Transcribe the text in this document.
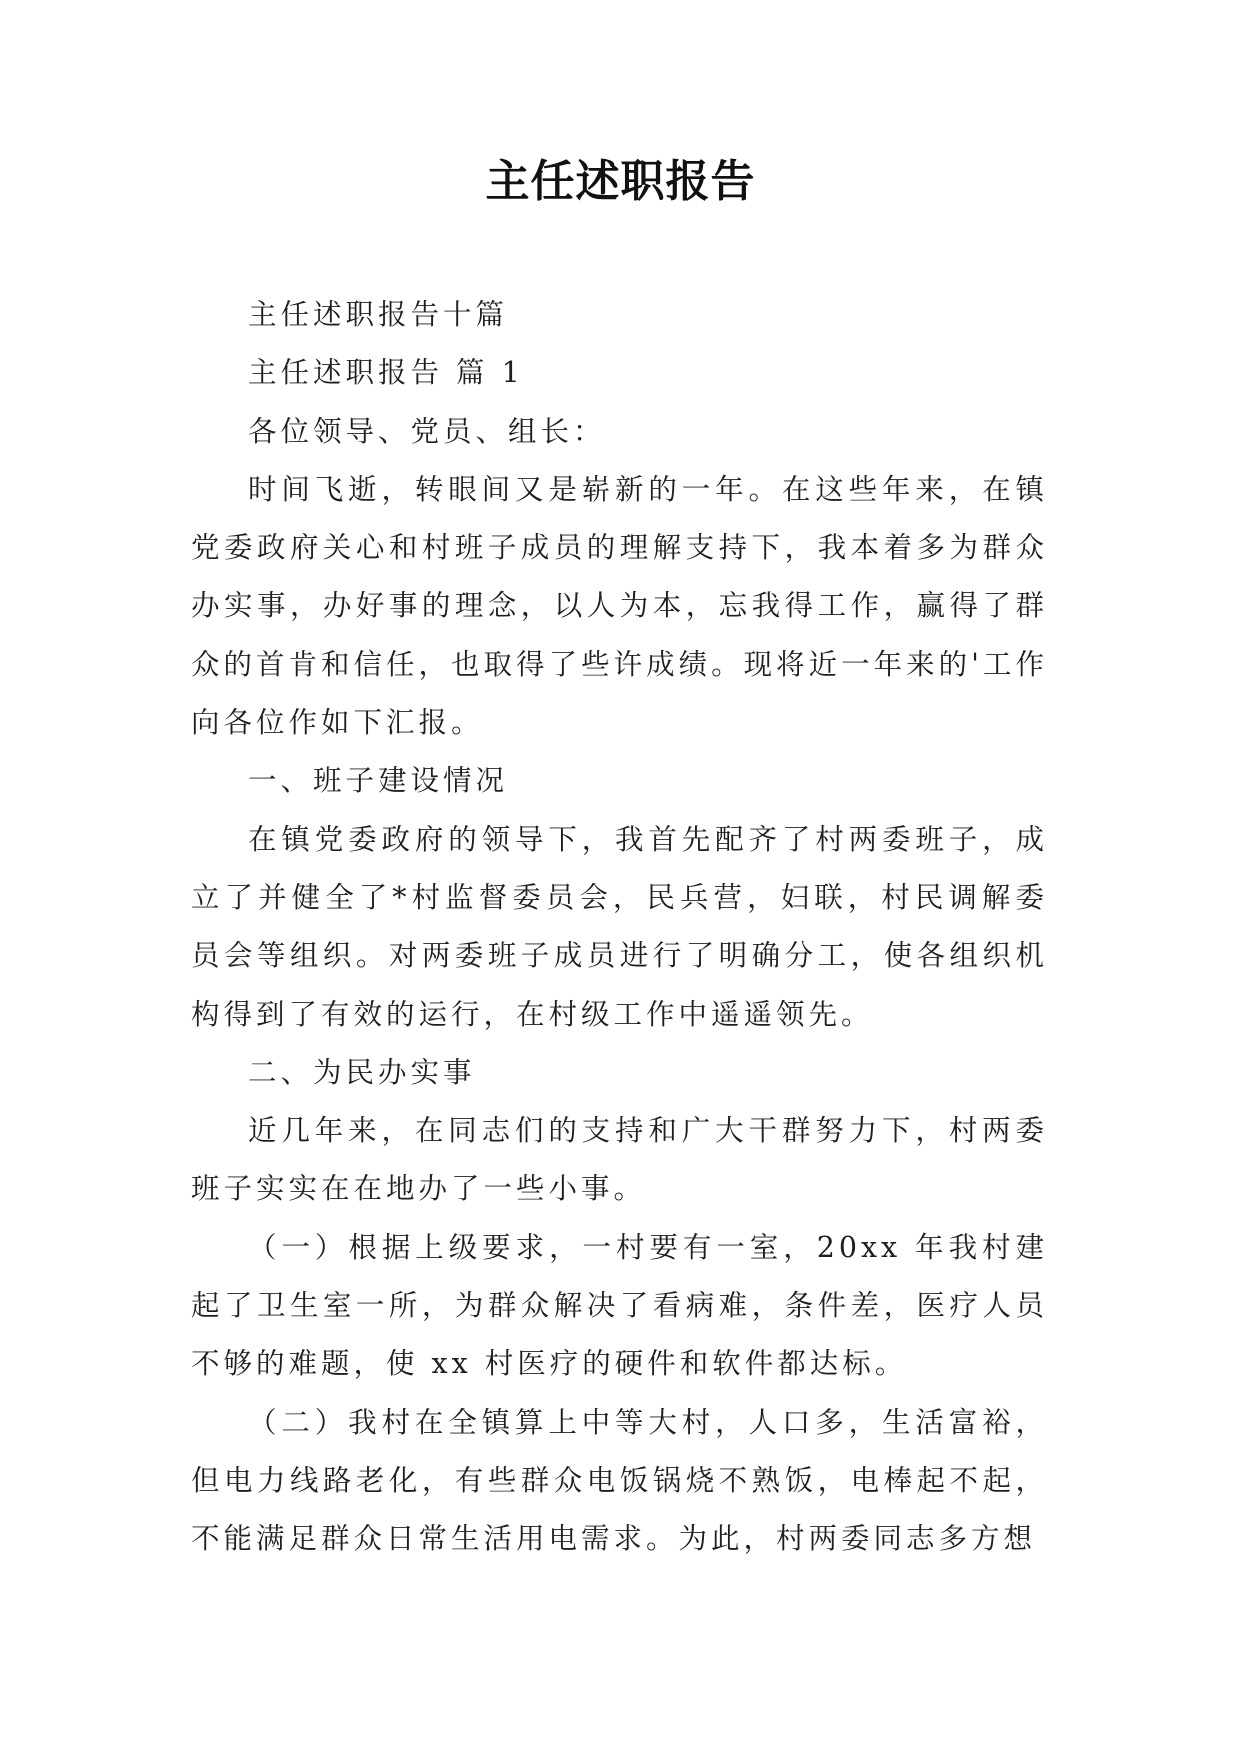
主任述职报告

主任述职报告十篇

主任述职报告 篇 1

各位领导、党员、组长：

时间飞逝，转眼间又是崭新的一年。在这些年来，在镇党委政府关心和村班子成员的理解支持下，我本着多为群众办实事，办好事的理念，以人为本，忘我得工作，赢得了群众的首肯和信任，也取得了些许成绩。现将近一年来的'工作向各位作如下汇报。

一、班子建设情况

在镇党委政府的领导下，我首先配齐了村两委班子，成立了并健全了*村监督委员会，民兵营，妇联，村民调解委员会等组织。对两委班子成员进行了明确分工，使各组织机构得到了有效的运行，在村级工作中遥遥领先。

二、为民办实事

近几年来，在同志们的支持和广大干群努力下，村两委班子实实在在地办了一些小事。

（一）根据上级要求，一村要有一室，20xx 年我村建起了卫生室一所，为群众解决了看病难，条件差，医疗人员不够的难题，使 xx 村医疗的硬件和软件都达标。

（二）我村在全镇算上中等大村，人口多，生活富裕，但电力线路老化，有些群众电饭锅烧不熟饭，电棒起不起，不能满足群众日常生活用电需求。为此，村两委同志多方想
